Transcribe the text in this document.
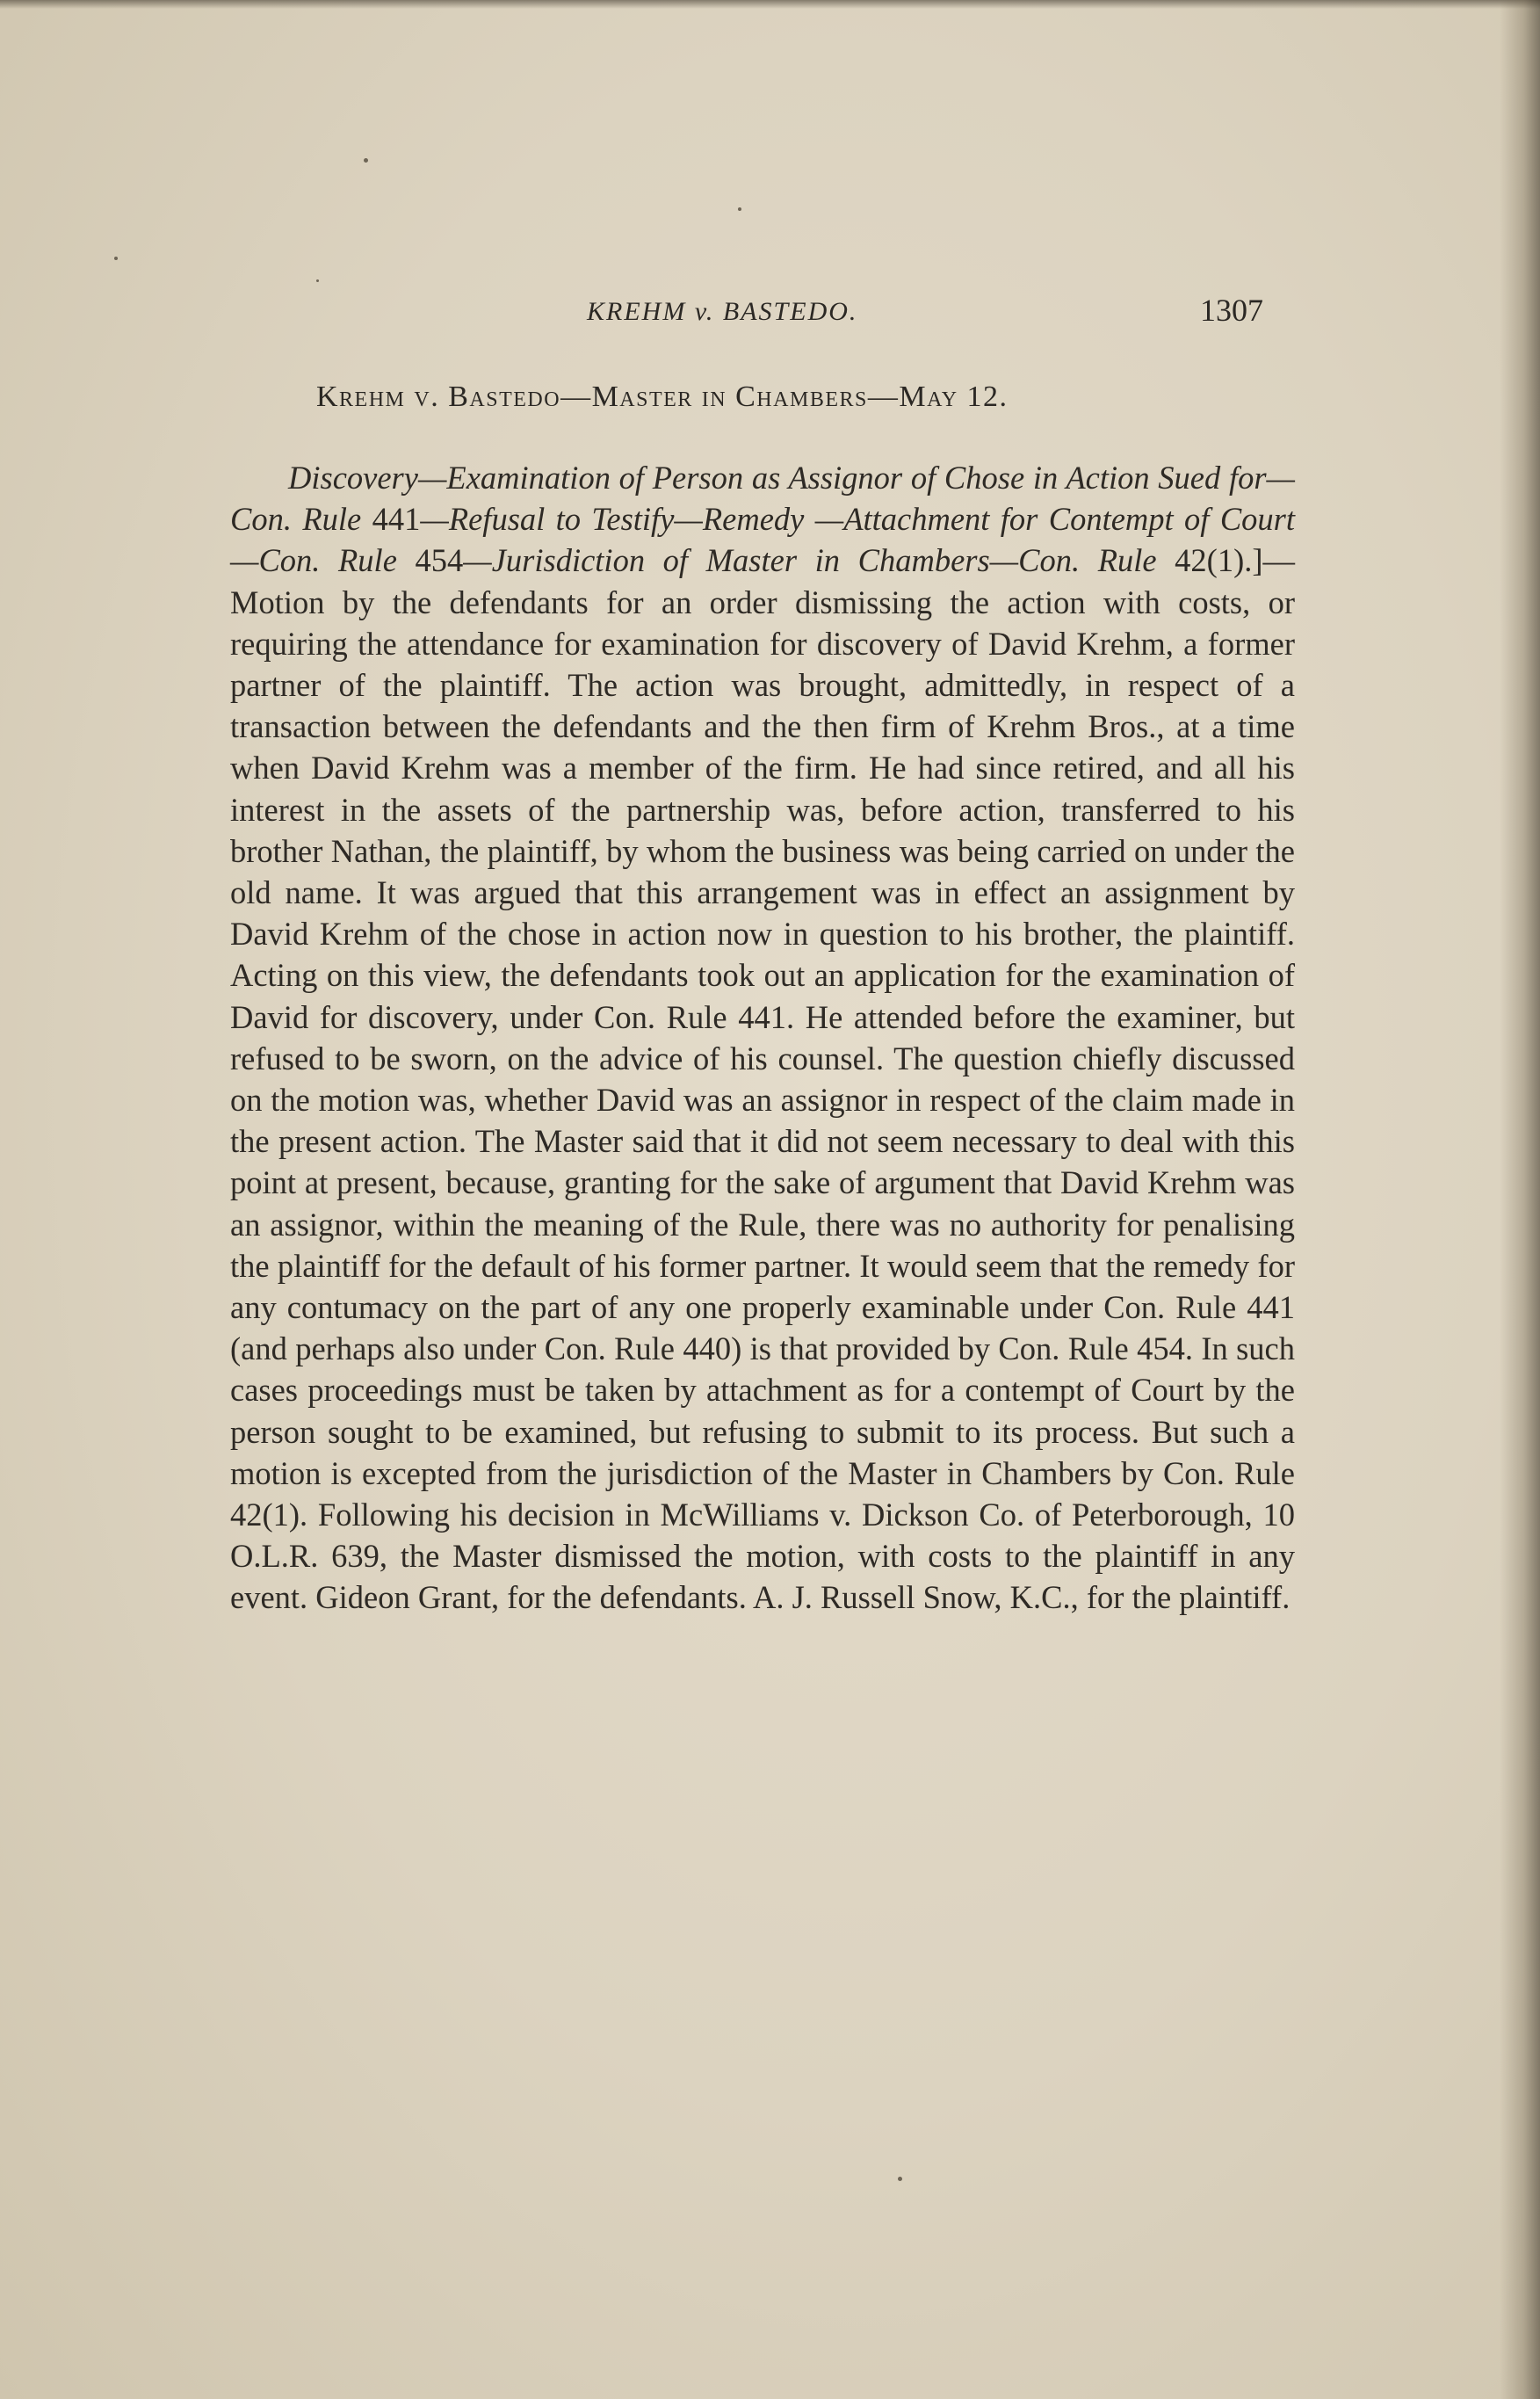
KREHM v. BASTEDO.	1307
Krehm v. Bastedo—Master in Chambers—May 12.
Discovery—Examination of Person as Assignor of Chose in Action Sued for—Con. Rule 441—Refusal to Testify—Remedy —Attachment for Contempt of Court—Con. Rule 454—Jurisdiction of Master in Chambers—Con. Rule 42(1).]—Motion by the defendants for an order dismissing the action with costs, or requiring the attendance for examination for discovery of David Krehm, a former partner of the plaintiff. The action was brought, admittedly, in respect of a transaction between the defendants and the then firm of Krehm Bros., at a time when David Krehm was a member of the firm. He had since retired, and all his interest in the assets of the partnership was, before action, transferred to his brother Nathan, the plaintiff, by whom the business was being carried on under the old name. It was argued that this arrangement was in effect an assignment by David Krehm of the chose in action now in question to his brother, the plaintiff. Acting on this view, the defendants took out an application for the examination of David for discovery, under Con. Rule 441. He attended before the examiner, but refused to be sworn, on the advice of his counsel. The question chiefly discussed on the motion was, whether David was an assignor in respect of the claim made in the present action. The Master said that it did not seem necessary to deal with this point at present, because, granting for the sake of argument that David Krehm was an assignor, within the meaning of the Rule, there was no authority for penalising the plaintiff for the default of his former partner. It would seem that the remedy for any contumacy on the part of any one properly examinable under Con. Rule 441 (and perhaps also under Con. Rule 440) is that provided by Con. Rule 454. In such cases proceedings must be taken by attachment as for a contempt of Court by the person sought to be examined, but refusing to submit to its process. But such a motion is excepted from the jurisdiction of the Master in Chambers by Con. Rule 42(1). Following his decision in McWilliams v. Dickson Co. of Peterborough, 10 O.L.R. 639, the Master dismissed the motion, with costs to the plaintiff in any event. Gideon Grant, for the defendants. A. J. Russell Snow, K.C., for the plaintiff.
